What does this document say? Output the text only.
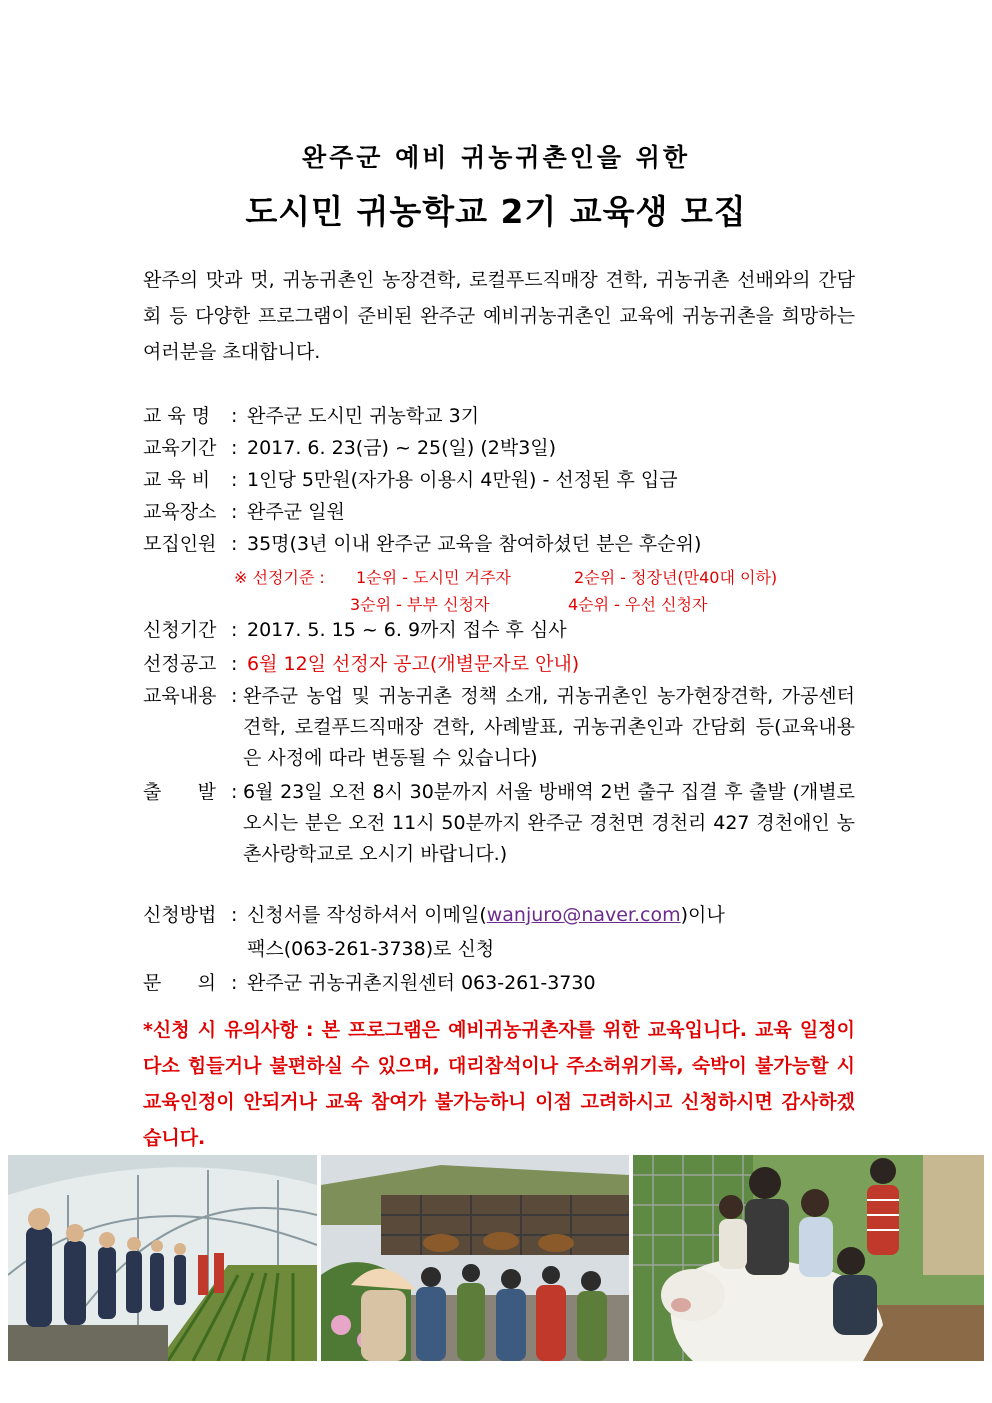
완주군 예비 귀농귀촌인을 위한
도시민 귀농학교 2기 교육생 모집
완주의 맛과 멋, 귀농귀촌인 농장견학, 로컬푸드직매장 견학, 귀농귀촌 선배와의 간담회 등 다양한 프로그램이 준비된 완주군 예비귀농귀촌인 교육에 귀농귀촌을 희망하는 여러분을 초대합니다.
교 육 명	: 완주군 도시민 귀농학교 3기
교육기간 : 2017. 6. 23(금) ~ 25(일) (2박3일)
교 육 비	: 1인당 5만원(자가용 이용시 4만원) - 선정된 후 입금
교육장소 : 완주군 일원
모집인원 : 35명(3년 이내 완주군 교육을 참여하셨던 분은 후순위)
※ 선정기준 : 1순위 - 도시민 거주자	2순위 - 청장년(만40대 이하)
3순위 - 부부 신청자	4순위 - 우선 신청자
신청기간 : 2017. 5. 15 ~ 6. 9까지 접수 후 심사
선정공고 : 6월 12일 선정자 공고(개별문자로 안내)
교육내용 : 완주군 농업 및 귀농귀촌 정책 소개, 귀농귀촌인 농가현장견학, 가공센터 견학, 로컬푸드직매장 견학, 사례발표, 귀농귀촌인과 간담회 등(교육내용은 사정에 따라 변동될 수 있습니다)
출      발 : 6월 23일 오전 8시 30분까지 서울 방배역 2번 출구 집결 후 출발 (개별로 오시는 분은 오전 11시 50분까지 완주군 경천면 경천리 427 경천애인 농촌사랑학교로 오시기 바랍니다.)
신청방법 : 신청서를 작성하셔서 이메일(wanjuro@naver.com)이나
팩스(063-261-3738)로 신청
문      의 : 완주군 귀농귀촌지원센터 063-261-3730
*신청 시 유의사항 : 본 프로그램은 예비귀농귀촌자를 위한 교육입니다. 교육 일정이 다소 힘들거나 불편하실 수 있으며, 대리참석이나 주소허위기록, 숙박이 불가능할 시 교육인정이 안되거나 교육 참여가 불가능하니 이점 고려하시고 신청하시면 감사하겠습니다.
